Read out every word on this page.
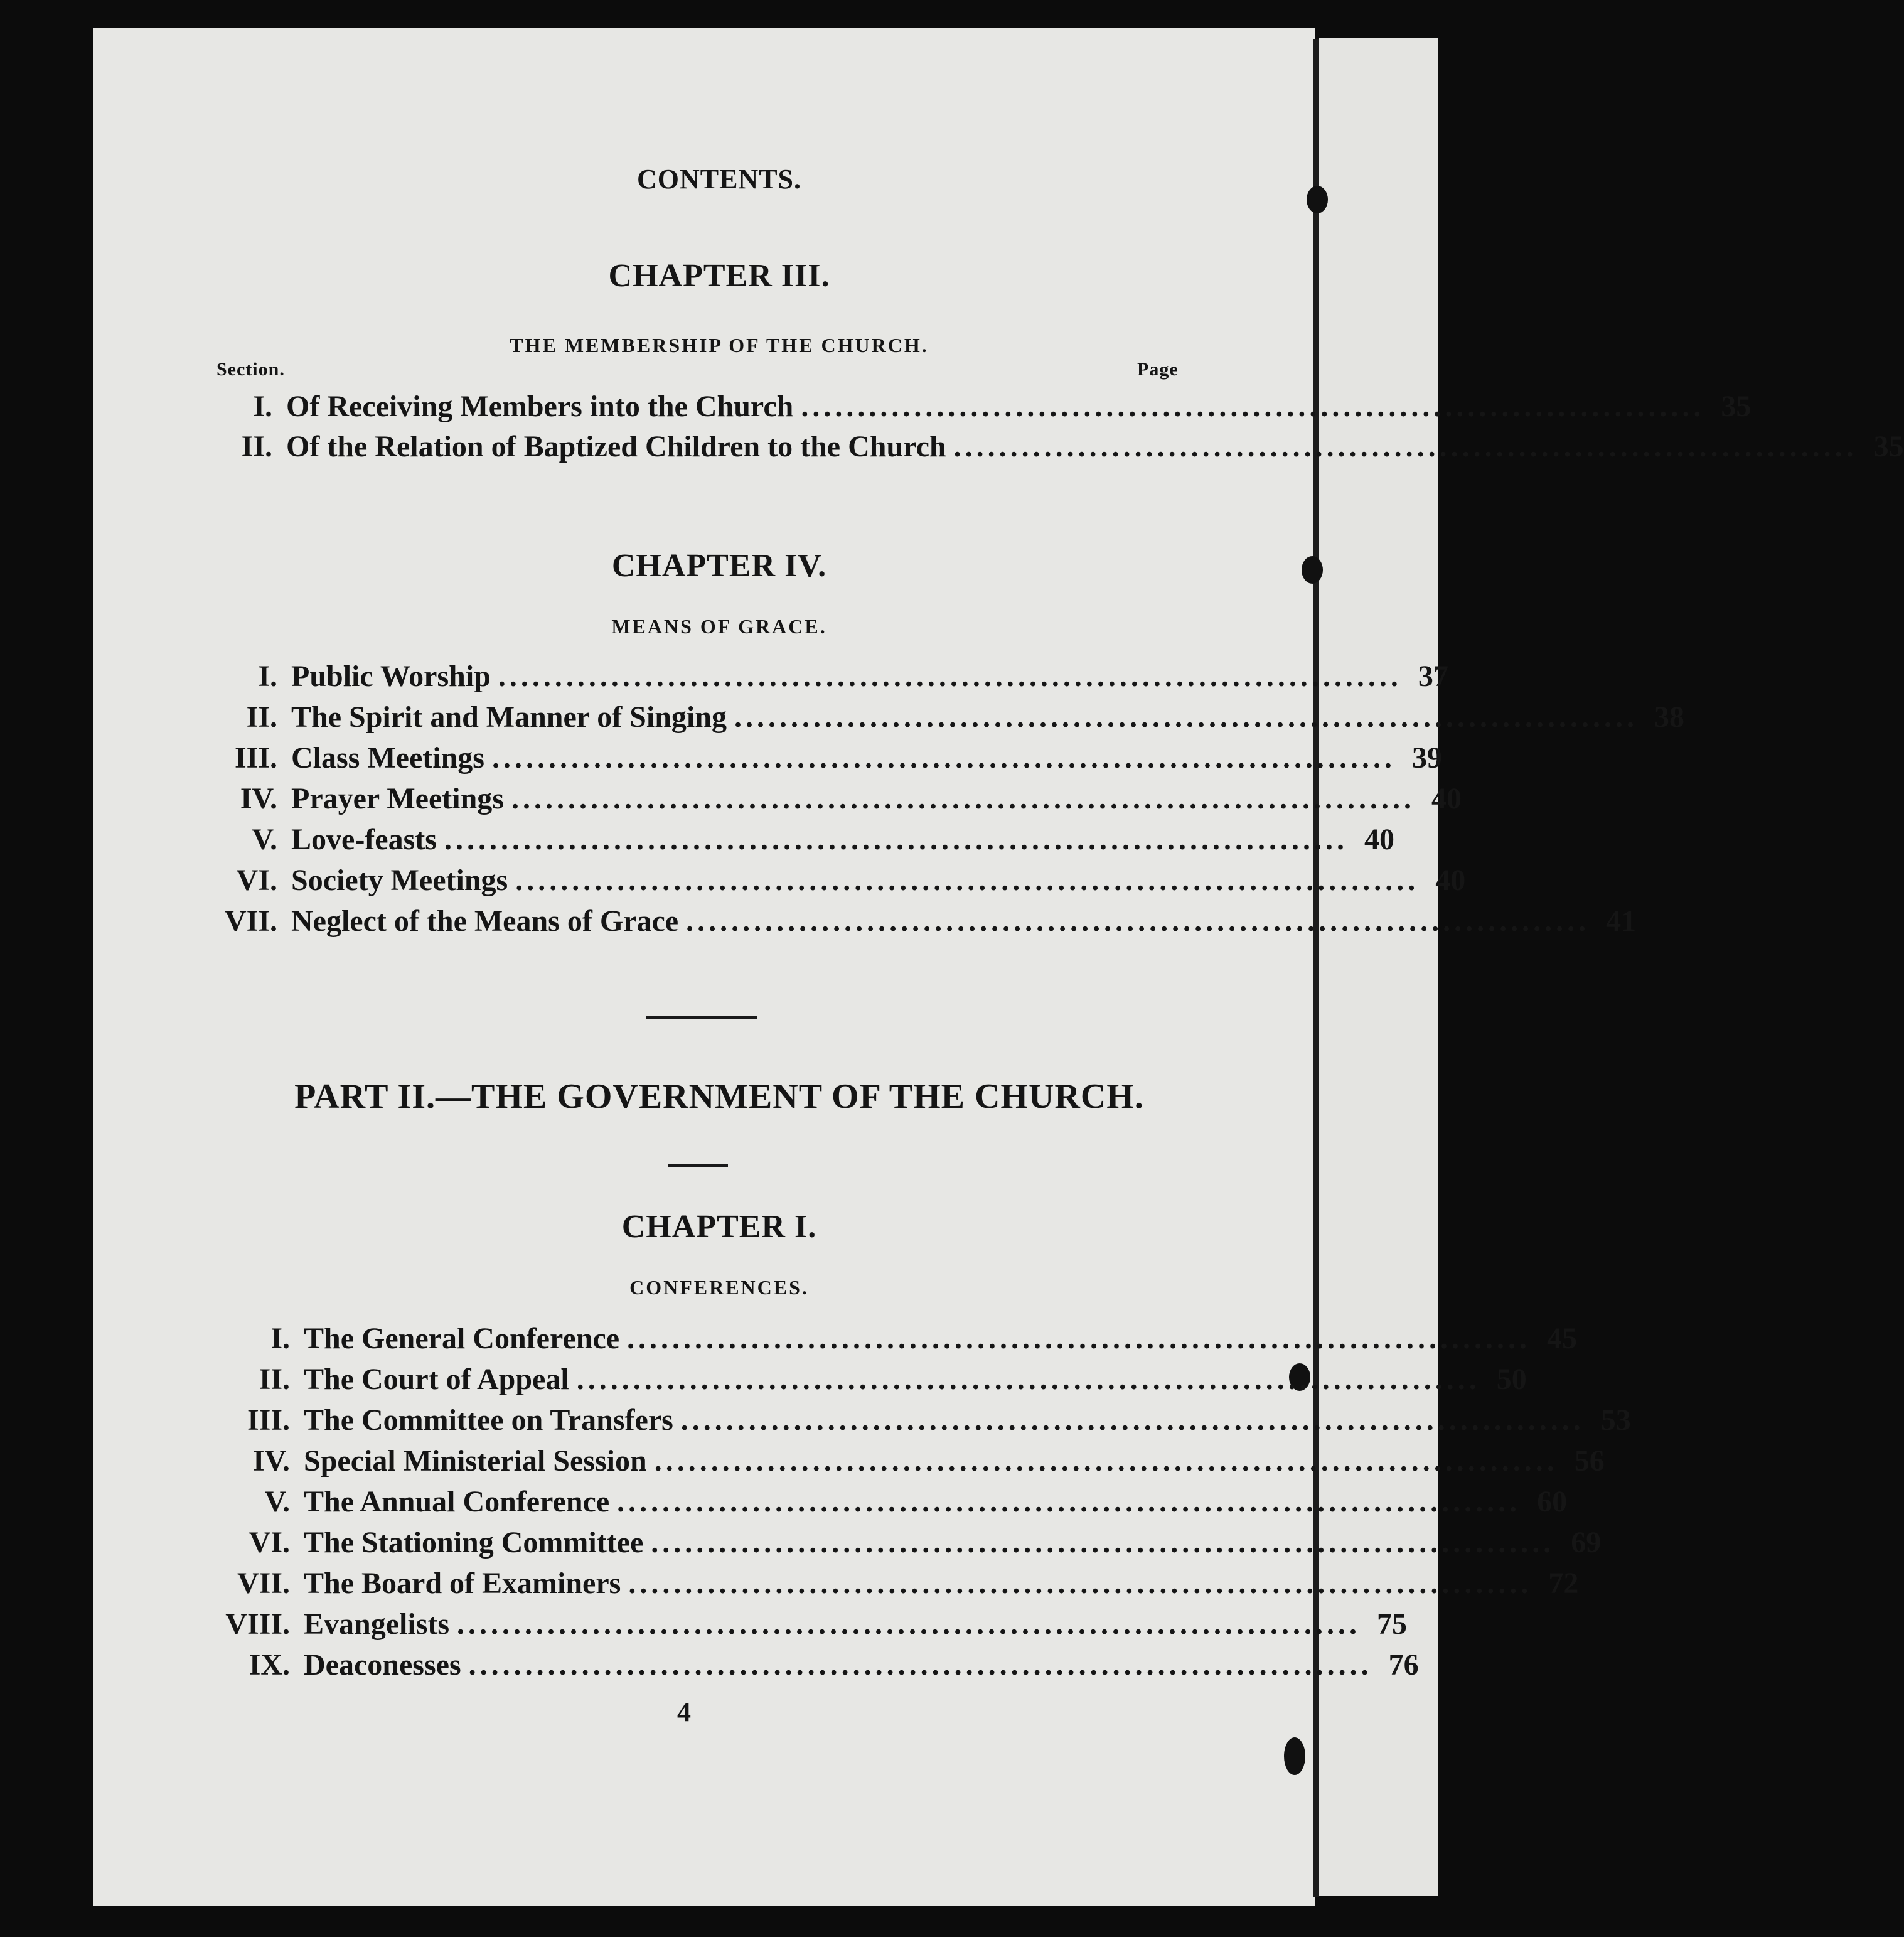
CONTENTS.
CHAPTER III.
THE MEMBERSHIP OF THE CHURCH.
Section.	Page
I. Of Receiving Members into the Church ................................................................................ 35
II. Of the Relation of Baptized Children to the Church ................................................................................ 35
CHAPTER IV.
MEANS OF GRACE.
I. Public Worship ................................................................................ 37
II. The Spirit and Manner of Singing ................................................................................ 38
III. Class Meetings ................................................................................ 39
IV. Prayer Meetings ................................................................................ 40
V. Love-feasts ................................................................................ 40
VI. Society Meetings ................................................................................ 40
VII. Neglect of the Means of Grace ................................................................................ 41
PART II.—THE GOVERNMENT OF THE CHURCH.
CHAPTER I.
CONFERENCES.
I. The General Conference ................................................................................ 45
II. The Court of Appeal ................................................................................ 50
III. The Committee on Transfers ................................................................................ 53
IV. Special Ministerial Session ................................................................................ 56
V. The Annual Conference ................................................................................ 60
VI. The Stationing Committee ................................................................................ 69
VII. The Board of Examiners ................................................................................ 72
VIII. Evangelists ................................................................................ 75
IX. Deaconesses ................................................................................ 76
4
